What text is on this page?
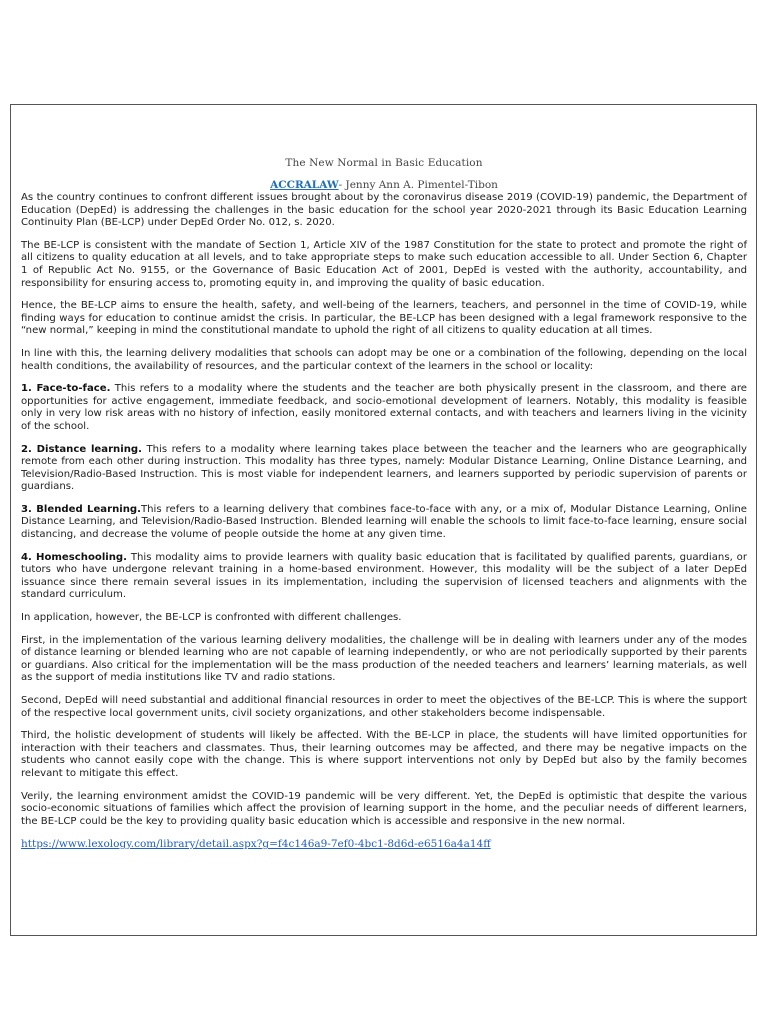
The New Normal in Basic Education
ACCRALAW- Jenny Ann A. Pimentel-Tibon

As the country continues to confront different issues brought about by the coronavirus disease 2019 (COVID-19) pandemic, the Department of Education (DepEd) is addressing the challenges in the basic education for the school year 2020-2021 through its Basic Education Learning Continuity Plan (BE-LCP) under DepEd Order No. 012, s. 2020.

The BE-LCP is consistent with the mandate of Section 1, Article XIV of the 1987 Constitution for the state to protect and promote the right of all citizens to quality education at all levels, and to take appropriate steps to make such education accessible to all. Under Section 6, Chapter 1 of Republic Act No. 9155, or the Governance of Basic Education Act of 2001, DepEd is vested with the authority, accountability, and responsibility for ensuring access to, promoting equity in, and improving the quality of basic education.

Hence, the BE-LCP aims to ensure the health, safety, and well-being of the learners, teachers, and personnel in the time of COVID-19, while finding ways for education to continue amidst the crisis. In particular, the BE-LCP has been designed with a legal framework responsive to the “new normal,” keeping in mind the constitutional mandate to uphold the right of all citizens to quality education at all times.

In line with this, the learning delivery modalities that schools can adopt may be one or a combination of the following, depending on the local health conditions, the availability of resources, and the particular context of the learners in the school or locality:

1. Face-to-face. This refers to a modality where the students and the teacher are both physically present in the classroom, and there are opportunities for active engagement, immediate feedback, and socio-emotional development of learners. Notably, this modality is feasible only in very low risk areas with no history of infection, easily monitored external contacts, and with teachers and learners living in the vicinity of the school.

2. Distance learning. This refers to a modality where learning takes place between the teacher and the learners who are geographically remote from each other during instruction. This modality has three types, namely: Modular Distance Learning, Online Distance Learning, and Television/Radio-Based Instruction. This is most viable for independent learners, and learners supported by periodic supervision of parents or guardians.

3. Blended Learning.This refers to a learning delivery that combines face-to-face with any, or a mix of, Modular Distance Learning, Online Distance Learning, and Television/Radio-Based Instruction. Blended learning will enable the schools to limit face-to-face learning, ensure social distancing, and decrease the volume of people outside the home at any given time.

4. Homeschooling. This modality aims to provide learners with quality basic education that is facilitated by qualified parents, guardians, or tutors who have undergone relevant training in a home-based environment. However, this modality will be the subject of a later DepEd issuance since there remain several issues in its implementation, including the supervision of licensed teachers and alignments with the standard curriculum.

In application, however, the BE-LCP is confronted with different challenges.

First, in the implementation of the various learning delivery modalities, the challenge will be in dealing with learners under any of the modes of distance learning or blended learning who are not capable of learning independently, or who are not periodically supported by their parents or guardians. Also critical for the implementation will be the mass production of the needed teachers and learners’ learning materials, as well as the support of media institutions like TV and radio stations.

Second, DepEd will need substantial and additional financial resources in order to meet the objectives of the BE-LCP. This is where the support of the respective local government units, civil society organizations, and other stakeholders become indispensable.

Third, the holistic development of students will likely be affected. With the BE-LCP in place, the students will have limited opportunities for interaction with their teachers and classmates. Thus, their learning outcomes may be affected, and there may be negative impacts on the students who cannot easily cope with the change. This is where support interventions not only by DepEd but also by the family becomes relevant to mitigate this effect.

Verily, the learning environment amidst the COVID-19 pandemic will be very different. Yet, the DepEd is optimistic that despite the various socio-economic situations of families which affect the provision of learning support in the home, and the peculiar needs of different learners, the BE-LCP could be the key to providing quality basic education which is accessible and responsive in the new normal.

https://www.lexology.com/library/detail.aspx?g=f4c146a9-7ef0-4bc1-8d6d-e6516a4a14ff
